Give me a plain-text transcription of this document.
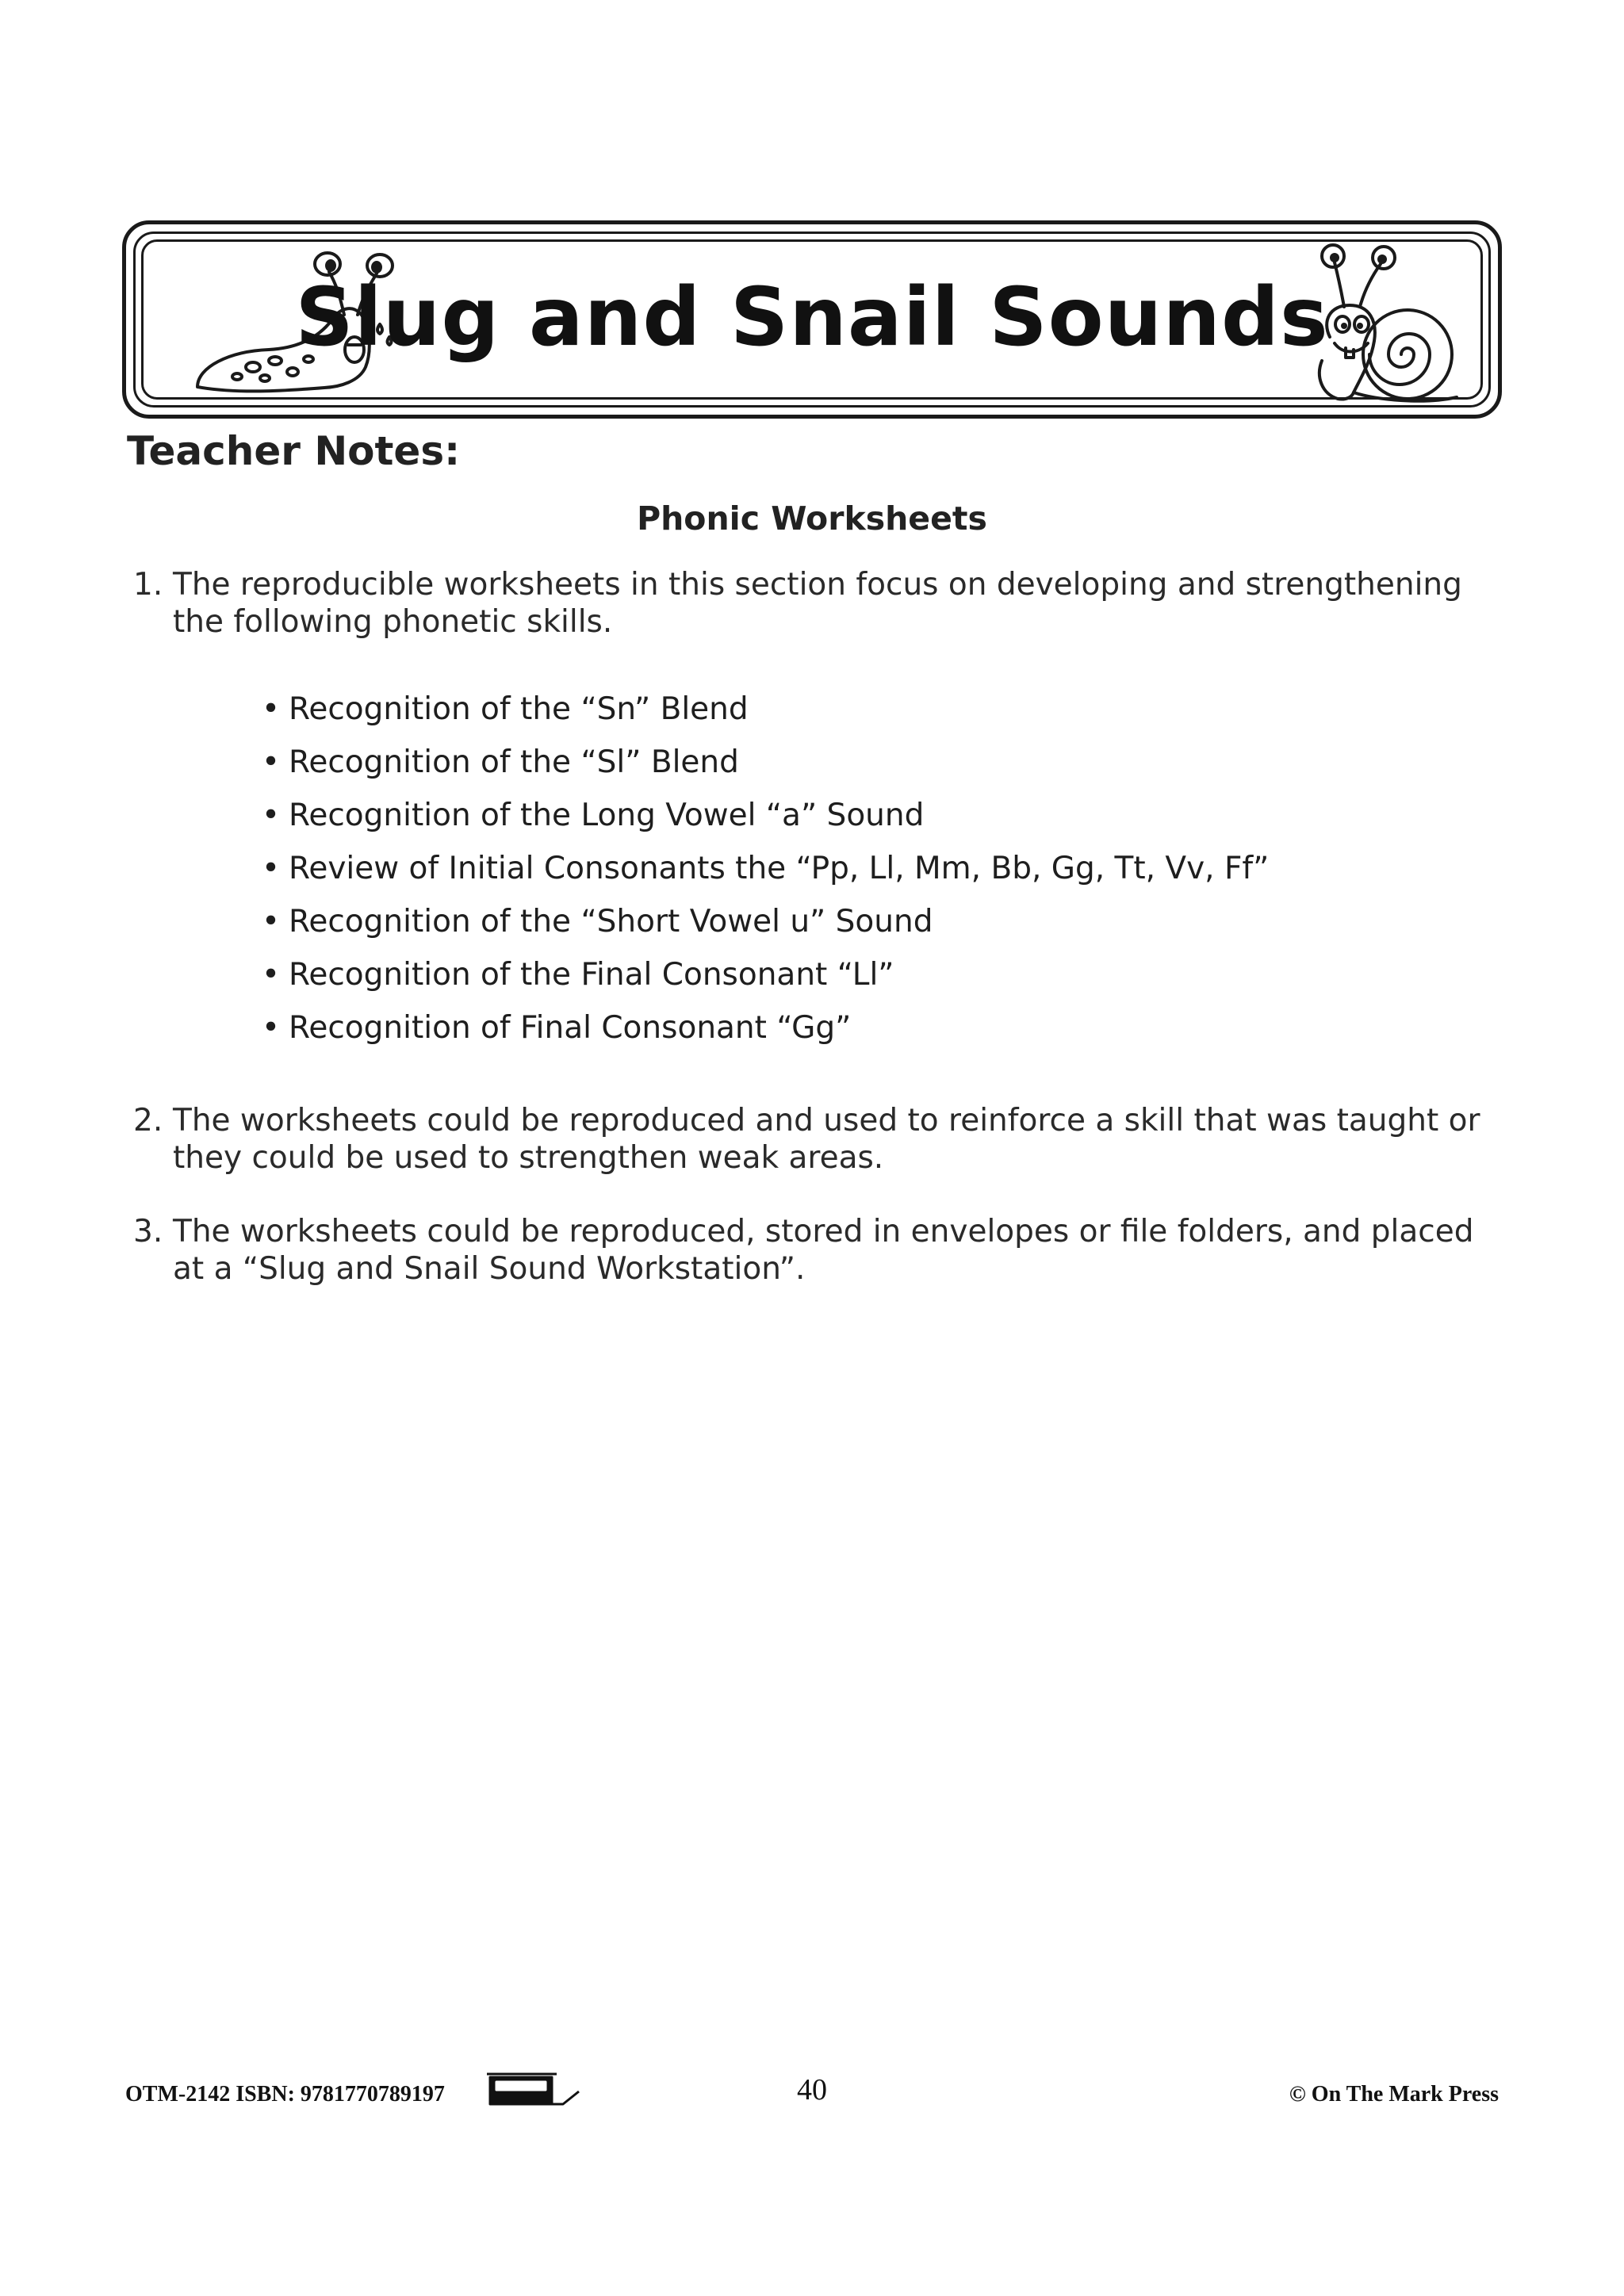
Slug and Snail Sounds
Teacher Notes:
Phonic Worksheets

1. The reproducible worksheets in this section focus on developing and strengthening
the following phonetic skills.

• Recognition of the “Sn” Blend
• Recognition of the “Sl” Blend
• Recognition of the Long Vowel “a” Sound
• Review of Initial Consonants the “Pp, Ll, Mm, Bb, Gg, Tt, Vv, Ff”
• Recognition of the “Short Vowel u” Sound
• Recognition of the Final Consonant “Ll”
• Recognition of Final Consonant “Gg”

2. The worksheets could be reproduced and used to reinforce a skill that was taught or
they could be used to strengthen weak areas.

3. The worksheets could be reproduced, stored in envelopes or file folders, and placed
at a “Slug and Snail Sound Workstation”.

OTM-2142 ISBN: 9781770789197	40	© On The Mark Press
